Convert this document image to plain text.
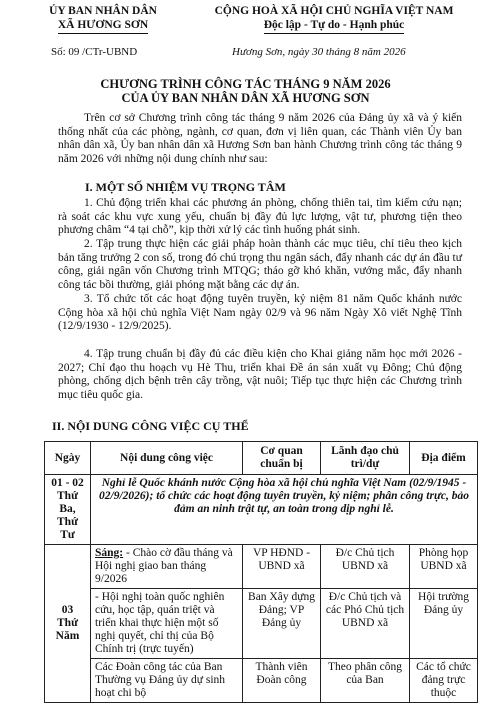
ỦY BAN NHÂN DÂN
XÃ HƯƠNG SƠN
CỘNG HOÀ XÃ HỘI CHỦ NGHĨA VIỆT NAM
Độc lập - Tự do - Hạnh phúc
Số: 09 /CTr-UBND	Hương Sơn, ngày 30 tháng 8 năm 2026
CHƯƠNG TRÌNH CÔNG TÁC THÁNG 9 NĂM 2026
CỦA ỦY BAN NHÂN DÂN XÃ HƯƠNG SƠN

Trên cơ sở Chương trình công tác tháng 9 năm 2026 của Đảng ủy xã và ý kiến thống nhất của các phòng, ngành, cơ quan, đơn vị liên quan, các Thành viên Ủy ban nhân dân xã, Ủy ban nhân dân xã Hương Sơn ban hành Chương trình công tác tháng 9 năm 2026 với những nội dung chính như sau:

I. MỘT SỐ NHIỆM VỤ TRỌNG TÂM

1. Chủ động triển khai các phương án phòng, chống thiên tai, tìm kiếm cứu nạn; rà soát các khu vực xung yếu, chuẩn bị đầy đủ lực lượng, vật tư, phương tiện theo phương châm “4 tại chỗ”, kịp thời xử lý các tình huống phát sinh.

2. Tập trung thực hiện các giải pháp hoàn thành các mục tiêu, chỉ tiêu theo kịch bản tăng trưởng 2 con số, trong đó chú trọng thu ngân sách, đẩy nhanh các dự án đầu tư công, giải ngân vốn Chương trình MTQG; tháo gỡ khó khăn, vướng mắc, đẩy nhanh công tác bồi thường, giải phóng mặt bằng các dự án.

3. Tổ chức tốt các hoạt động tuyên truyền, kỷ niệm 81 năm Quốc khánh nước Cộng hòa xã hội chủ nghĩa Việt Nam ngày 02/9 và 96 năm Ngày Xô viết Nghệ Tĩnh (12/9/1930 - 12/9/2025).

4. Tập trung chuẩn bị đầy đủ các điều kiện cho Khai giảng năm học mới 2026 - 2027; Chỉ đạo thu hoạch vụ Hè Thu, triển khai Đề án sản xuất vụ Đông; Chủ động phòng, chống dịch bệnh trên cây trồng, vật nuôi; Tiếp tục thực hiện các Chương trình mục tiêu quốc gia.

II. NỘI DUNG CÔNG VIỆC CỤ THỂ
Ngày	Nội dung công việc	Cơ quan chuẩn bị	Lãnh đạo chủ trì/dự	Địa điểm

01 - 02
Thứ Ba, Thứ Tư	Nghỉ lễ Quốc khánh nước Cộng hòa xã hội chủ nghĩa Việt Nam (02/9/1945 - 02/9/2026); tổ chức các hoạt động tuyên truyền, kỷ niệm; phân công trực, bảo đảm an ninh trật tự, an toàn trong dịp nghỉ lễ.			

03
Thứ Năm	Sáng: - Chào cờ đầu tháng và Hội nghị giao ban tháng 9/2026	VP HĐND - UBND xã	Đ/c Chủ tịch UBND xã	Phòng họp UBND xã
	- Hội nghị toàn quốc nghiên cứu, học tập, quán triệt và triển khai thực hiện một số nghị quyết, chỉ thị của Bộ Chính trị (trực tuyến)	Ban Xây dựng Đảng; VP Đảng ủy	Đ/c Chủ tịch và các Phó Chủ tịch UBND xã	Hội trường Đảng ủy
	Các Đoàn công tác của Ban Thường vụ Đảng ủy dự sinh hoạt chi bộ	Thành viên Đoàn công	Theo phân công của Ban	Các tổ chức đảng trực thuộc
